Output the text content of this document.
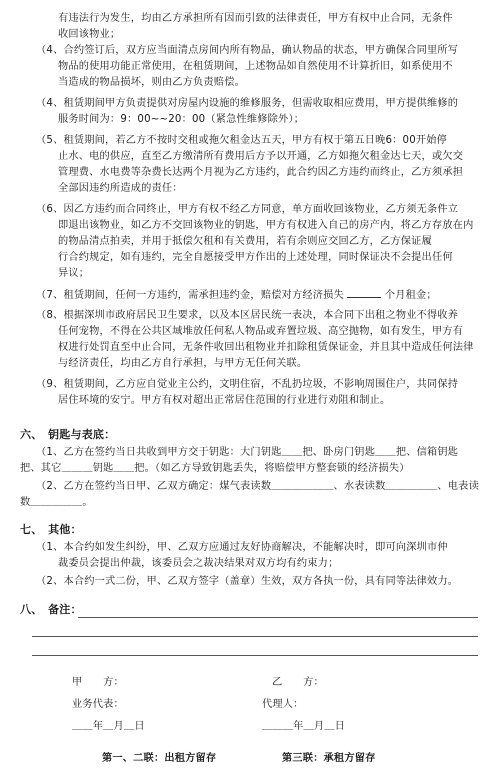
有违法行为发生，均由乙方承担所有因而引致的法律责任，甲方有权中止合同，无条件
收回该物业；
（4、合约签订后，双方应当面清点房间内所有物品，确认物品的状态，甲方确保合同里所写
物品的使用功能正常使用，在租赁期间，上述物品如自然使用不计算折旧，如系使用不
当造成的物品损坏，则由乙方负责赔偿。
（4、租赁期间甲方负责提供对房屋内设施的维修服务，但需收取相应费用，甲方提供维修的
服务时间为：9：00~~20：00（紧急性维修除外）；
（5、租赁期间，若乙方不按时交租或拖欠租金达五天，甲方有权于第五日晚6：00开始停
止水、电的供应，直至乙方缴清所有费用后方予以开通，乙方如拖欠租金达七天，或欠交
管理费、水电费等杂费长达两个月视为乙方违约，此合约因乙方违约而终止，乙方须承担
全部因违约所造成的责任：
（6、因乙方违约而合同终止，甲方有权不经乙方同意，单方面收回该物业，乙方须无条件立
即退出该物业，如乙方不交回该物业的钥匙，甲方有权进入自己的房产内，将乙方存放在内
的物品清点拍卖，并用于抵偿欠租和有关费用，若有余则应交回乙方，乙方保证履
行合约规定，如有违约，完全自愿接受甲方作出的上述处理，同时保证决不会提出任何
异议；
（7、租赁期间，任何一方违约，需承担违约金，赔偿对方经济损失	个月租金；
（8、根据深圳市政府居民卫生要求，以及本区居民统一表决，本合同下出租之物业不得收养
任何宠物，不得在公共区域堆放任何私人物品或弃置垃圾、高空抛物，如有发生，甲方有
权进行处罚直至中止合同，无条件收回出租物业并扣除租赁保证金，并且其中造成任何法律
与经济责任，均由乙方自行承担，与甲方无任何关联。
（9、租赁期间，乙方应自觉业主公约，文明住宿，不乱扔垃圾，不影响周围住户，共同保持
居住环境的安宁。甲方有权对超出正常居住范围的行业进行劝阻和制止。
六、　钥匙与表底：
（1、乙方在签约当日共收到甲方交于钥匙：大门钥匙＿＿把、卧房门钥匙＿＿把、信箱钥匙
把、其它＿＿＿钥匙＿＿把。（如乙方导致钥匙丢失，将赔偿甲方整套锁的经济损失）
（2、乙方在签约当日甲、乙双方确定：煤气表读数＿＿＿＿＿＿、水表读数＿＿＿＿＿、电表读
数＿＿＿＿＿。
七、　其他：
（1、本合约如发生纠纷，甲、乙双方应通过友好协商解决，不能解决时，即可向深圳市仲
裁委员会提出仲裁，该委员会之裁决结果对双方均有约束力；
（2、本合约一式二份，甲、乙双方签字（盖章）生效，双方各执一份，具有同等法律效力。
八、　备注：
甲　　方：	乙　　方：
业务代表：	代理人：
＿＿年＿月＿日	＿＿＿年＿月＿日
第一、二联：出租方留存	第三联：承租方留存
